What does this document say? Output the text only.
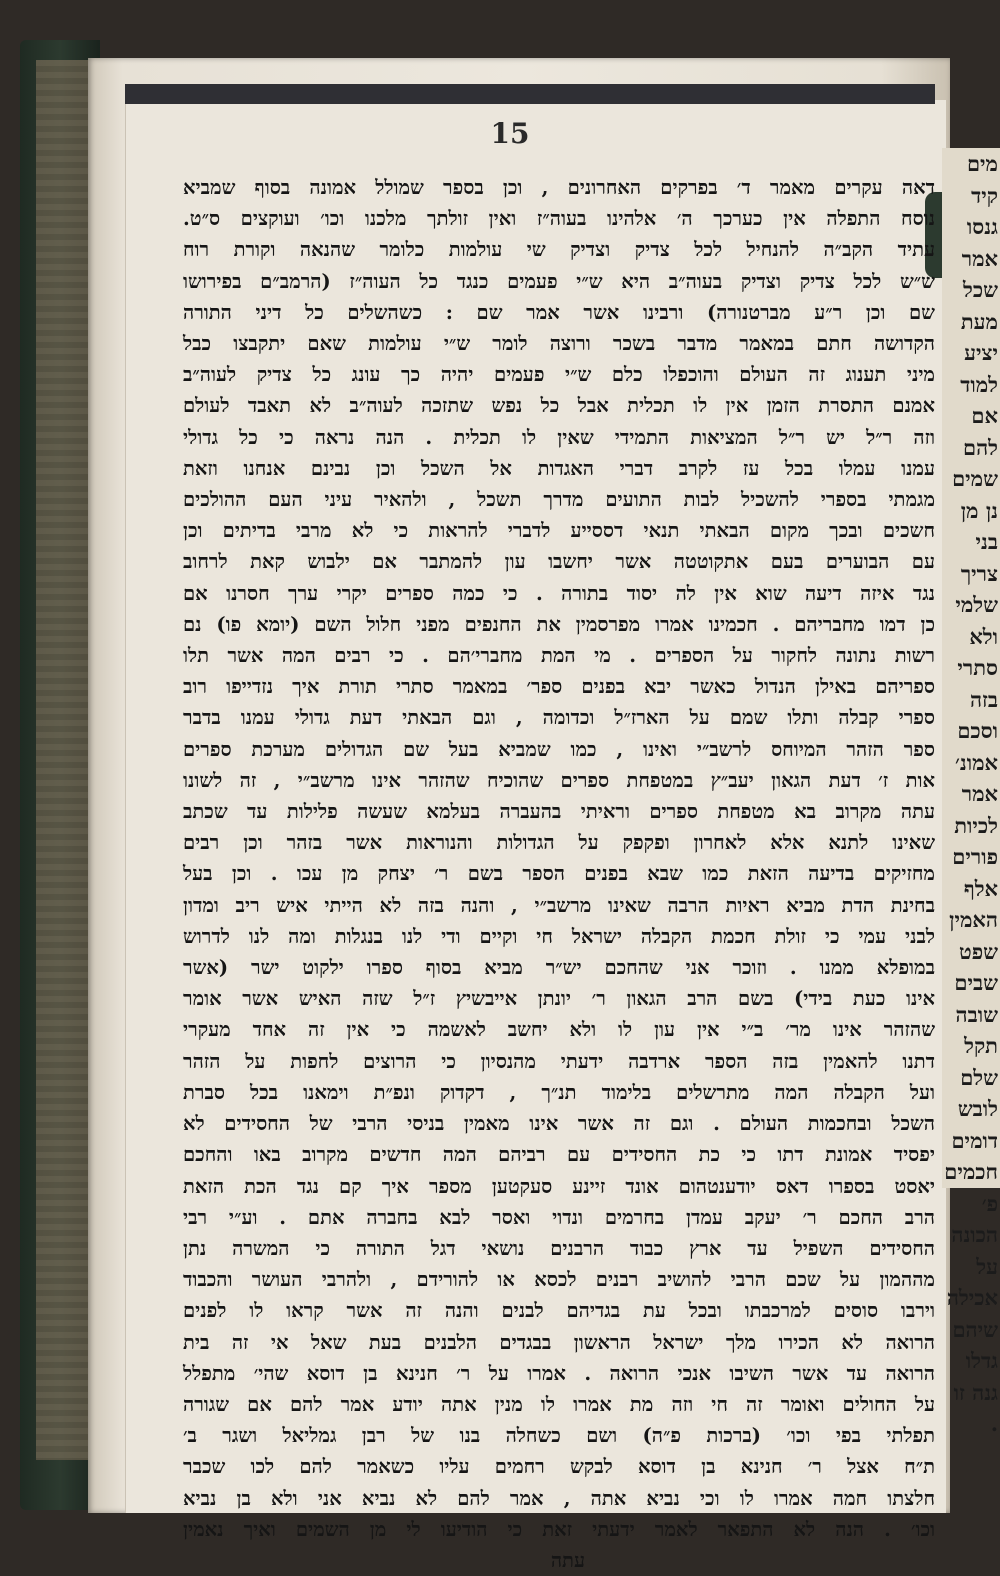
15
דאה עקרים מאמר ד׳ בפרקים האחרונים , וכן בספר שמולל אמונה בסוף שמביא
נוסח התפלה אין כערכך ה׳ אלהינו בעוה״ז ואין זולתך מלכנו וכו׳ ועוקצים ס״ט.
עתיד הקב״ה להנחיל לכל צדיק וצדיק שי עולמות כלומר שהנאה וקורת רוח
ש״ש לכל צדיק וצדיק בעוה״ב היא ש״י פעמים כנגד כל העוה״ז (הרמב״ם בפירושו
שם וכן ר״ע מברטנורה) ורבינו אשר אמר שם : כשהשלים כל דיני התורה
הקדושה חתם במאמר מדבר בשכר ורוצה לומר ש״י עולמות שאם יתקבצו כבל
מיני תענוג זה העולם והוכפלו כלם ש״י פעמים יהיה כך עונג כל צדיק לעוה״ב
אמנם התסרת הזמן אין לו תכלית אבל כל נפש שתזכה לעוה״ב לא תאבד לעולם
וזה ר״ל יש ר״ל המציאות התמידי שאין לו תכלית . הנה נראה כי כל גדולי
עמנו עמלו בכל עז לקרב דברי האגדות אל השכל וכן נבינם אנחנו וזאת
מגמתי בספרי להשכיל לבות התועים מדרך תשכל , ולהאיר עיני העם ההולכים
חשכים ובכך מקום הבאתי תנאי דססייע לדברי להראות כי לא מרבי בדיתים וכן
עם הבוערים בעם אתקוטטה אשר יחשבו עון להמתבר אם ילבוש קאת לרחוב
נגד איזה דיעה שוא אין לה יסוד בתורה . כי כמה ספרים יקרי ערך חסרנו אם
כן דמו מחבריהם . חכמינו אמרו מפרסמין את החנפים מפני חלול השם (יומא פו) נם
רשות נתונה לחקור על הספרים . מי המת מחברי׳הם . כי רבים המה אשר תלו
ספריהם באילן הנדול כאשר יבא בפנים ספר׳ במאמר סתרי תורת איך נזדייפו רוב
ספרי קבלה ותלו שמם על הארז״ל וכדומה , וגם הבאתי דעת גדולי עמנו בדבר
ספר הזהר המיוחס לרשב״י ואינו , כמו שמביא בעל שם הגדולים מערכת ספרים
אות ז׳ דעת הגאון יעב״ץ במטפחת ספרים שהוכיח שהזהר אינו מרשב״י , זה לשונו
עתה מקרוב בא מטפחת ספרים וראיתי בהעברה בעלמא שעשה פלילות עד שכתב
שאינו לתנא אלא לאחרון ופקפק על הגדולות והנוראות אשר בזהר וכן רבים
מחזיקים בדיעה הזאת כמו שבא בפנים הספר בשם ר׳ יצחק מן עכו . וכן בעל
בחינת הדת מביא ראיות הרבה שאינו מרשב״י , והנה בזה לא הייתי איש ריב ומדון
לבני עמי כי זולת חכמת הקבלה ישראל חי וקיים ודי לנו בנגלות ומה לנו לדרוש
במופלא ממנו . וזוכר אני שהחכם יש״ר מביא בסוף ספרו ילקוט ישר (אשר
אינו כעת בידי) בשם הרב הגאון ר׳ יונתן אייבשיץ ז״ל שזה האיש אשר אומר
שהזהר אינו מר׳ ב״י אין עון לו ולא יחשב לאשמה כי אין זה אחד מעקרי
דתנו להאמין בזה הספר ארדבה ידעתי מהנסיון כי הרוצים לחפות על הזהר
ועל הקבלה המה מתרשלים בלימוד תנ״ך , דקדוק ונפ״ת וימאנו בכל סברת
השכל ובחכמות העולם . וגם זה אשר אינו מאמין בניסי הרבי של החסידים לא
יפסיד אמונת דתו כי כת החסידים עם רביהם המה חדשים מקרוב באו והחכם
יאסט בספרו דאס יודענטהום אונד זיינע סעקטען מספר איך קם נגד הכת הזאת
הרב החכם ר׳ יעקב עמדן בחרמים ונדוי ואסר לבא בחברה אתם . וע״י רבי
החסידים השפיל עד ארץ כבוד הרבנים נושאי דגל התורה כי המשרה נתן
מההמון על שכם הרבי להושיב רבנים לכסא או להורידם , ולהרבי העושר והכבוד
וירבו סוסים למרכבתו ובכל עת בגדיהם לבנים והנה זה אשר קראו לו לפנים
הרואה לא הכירו מלך ישראל הראשון בבגדים הלבנים בעת שאל אי זה בית
הרואה עד אשר השיבו אנכי הרואה . אמרו על ר׳ חנינא בן דוסא שהי׳ מתפלל
על החולים ואומר זה חי וזה מת אמרו לו מנין אתה יודע אמר להם אם שגורה
תפלתי בפי וכו׳ (ברכות פ״ה) ושם כשחלה בנו של רבן גמליאל ושגר ב׳
ת״ח אצל ר׳ חנינא בן דוסא לבקש רחמים עליו כשאמר להם לכו שכבר
חלצתו חמה אמרו לו וכי נביא אתה , אמר להם לא נביא אני ולא בן נביא
וכו׳ . הנה לא התפאר לאמר ידעתי זאת כי הודיעו לי מן השמים ואיך נאמין
עתה
מים
קיד
גנסו
אמר
שכל
מעת
יציע
למוד
אם
להם
שמים
נן מן
בני
צריך
שלמי
ולא
סתרי
בזה
וסכם
אמונ׳
אמר
לכיות
פורים
אלף
האמין
שפט
שבים
שובה
תקל
שלם
לובש
דומים
חכמים
פ׳
הכונה
על
אכילה
שיהם
גדלו
גנה זו
.
